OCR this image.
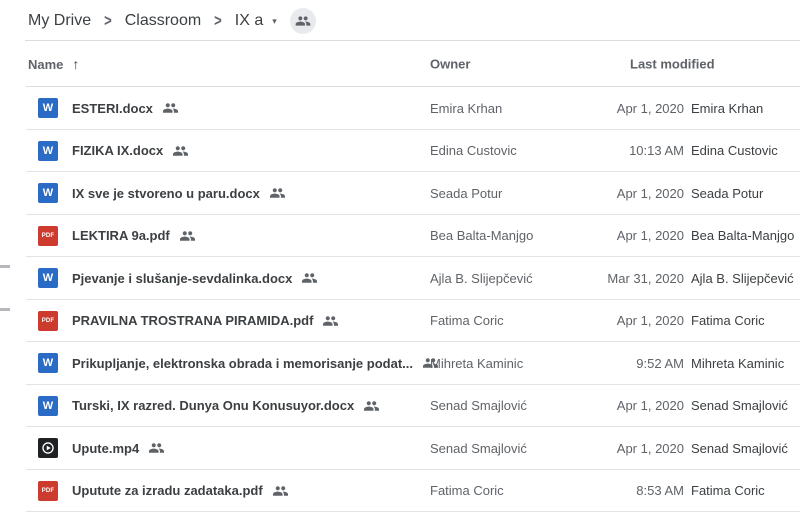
My Drive > Classroom > IX a ▾
Name ↑	Owner	Last modified
W ESTERI.docx	Emira Krhan	Apr 1, 2020 Emira Krhan
W FIZIKA IX.docx	Edina Custovic	10:13 AM Edina Custovic
W IX sve je stvoreno u paru.docx	Seada Potur	Apr 1, 2020 Seada Potur
PDF LEKTIRA 9a.pdf	Bea Balta-Manjgo	Apr 1, 2020 Bea Balta-Manjgo
W Pjevanje i slušanje-sevdalinka.docx	Ajla B. Slijepčević	Mar 31, 2020 Ajla B. Slijepčević
PDF PRAVILNA TROSTRANA PIRAMIDA.pdf	Fatima Coric	Apr 1, 2020 Fatima Coric
W Prikupljanje, elektronska obrada i memorisanje podat... Mihreta Kaminic	9:52 AM Mihreta Kaminic
W Turski, IX razred. Dunya Onu Konusuyor.docx	Senad Smajlović	Apr 1, 2020 Senad Smajlović
Upute.mp4	Senad Smajlović	Apr 1, 2020 Senad Smajlović
PDF Uputute za izradu zadataka.pdf	Fatima Coric	8:53 AM Fatima Coric
